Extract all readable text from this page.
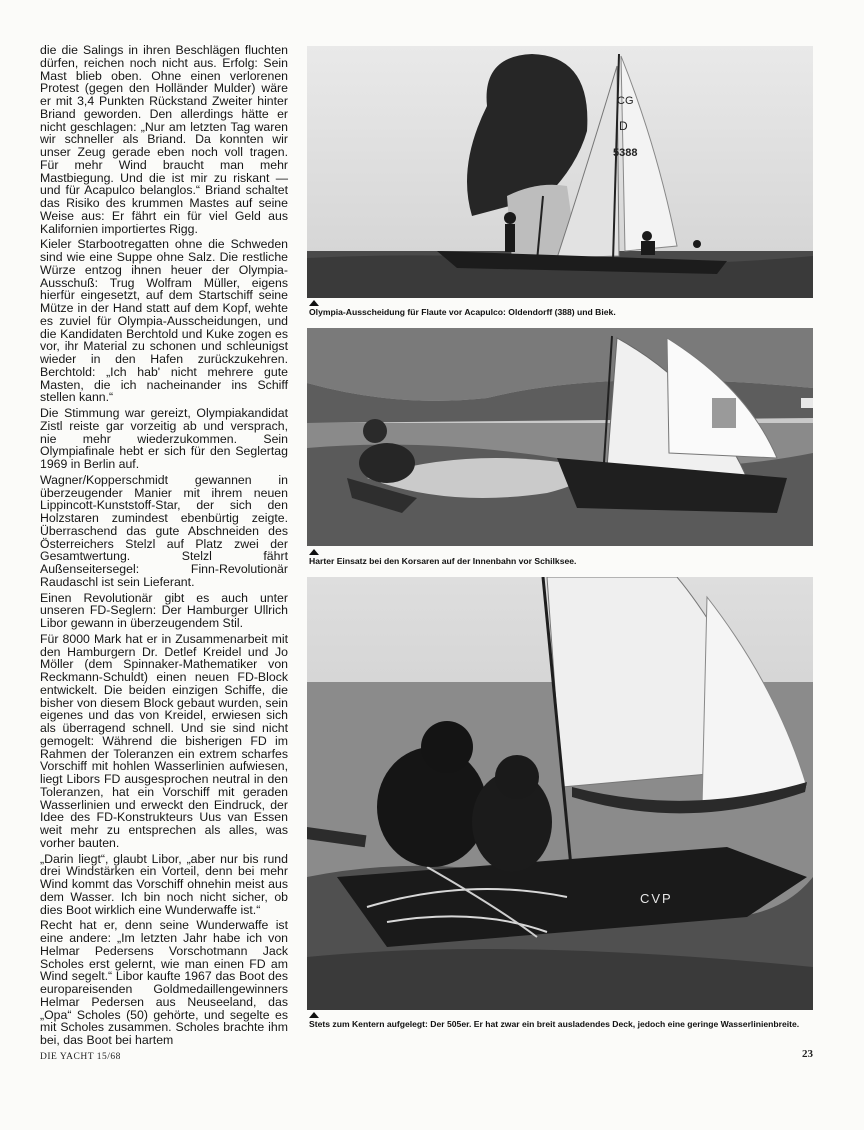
die die Salings in ihren Beschlägen fluchten dürfen, reichen noch nicht aus. Erfolg: Sein Mast blieb oben. Ohne einen verlorenen Protest (gegen den Holländer Mulder) wäre er mit 3,4 Punkten Rückstand Zweiter hinter Briand geworden. Den allerdings hätte er nicht geschlagen: „Nur am letzten Tag waren wir schneller als Briand. Da konnten wir unser Zeug gerade eben noch voll tragen. Für mehr Wind braucht man mehr Mastbiegung. Und die ist mir zu riskant — und für Acapulco belanglos.“ Briand schaltet das Risiko des krummen Mastes auf seine Weise aus: Er fährt ein für viel Geld aus Kalifornien importiertes Rigg.

Kieler Starbootregatten ohne die Schweden sind wie eine Suppe ohne Salz. Die restliche Würze entzog ihnen heuer der Olympia-Ausschuß: Trug Wolfram Müller, eigens hierfür eingesetzt, auf dem Startschiff seine Mütze in der Hand statt auf dem Kopf, wehte es zuviel für Olympia-Ausscheidungen, und die Kandidaten Berchtold und Kuke zogen es vor, ihr Material zu schonen und schleunigst wieder in den Hafen zurückzukehren. Berchtold: „Ich hab' nicht mehrere gute Masten, die ich nacheinander ins Schiff stellen kann.“

Die Stimmung war gereizt, Olympiakandidat Zistl reiste gar vorzeitig ab und versprach, nie mehr wiederzukommen. Sein Olympiafinale hebt er sich für den Seglertag 1969 in Berlin auf.

Wagner/Kopperschmidt gewannen in überzeugender Manier mit ihrem neuen Lippincott-Kunststoff-Star, der sich den Holzstaren zumindest ebenbürtig zeigte. Überraschend das gute Abschneiden des Österreichers Stelzl auf Platz zwei der Gesamtwertung. Stelzl fährt Außenseitersegel: Finn-Revolutionär Raudaschl ist sein Lieferant.

Einen Revolutionär gibt es auch unter unseren FD-Seglern: Der Hamburger Ullrich Libor gewann in überzeugendem Stil.

Für 8000 Mark hat er in Zusammenarbeit mit den Hamburgern Dr. Detlef Kreidel und Jo Möller (dem Spinnaker-Mathematiker von Reckmann-Schuldt) einen neuen FD-Block entwickelt. Die beiden einzigen Schiffe, die bisher von diesem Block gebaut wurden, sein eigenes und das von Kreidel, erwiesen sich als überragend schnell. Und sie sind nicht gemogelt: Während die bisherigen FD im Rahmen der Toleranzen ein extrem scharfes Vorschiff mit hohlen Wasserlinien aufwiesen, liegt Libors FD ausgesprochen neutral in den Toleranzen, hat ein Vorschiff mit geraden Wasserlinien und erweckt den Eindruck, der Idee des FD-Konstrukteurs Uus van Essen weit mehr zu entsprechen als alles, was vorher bauten.

„Darin liegt“, glaubt Libor, „aber nur bis rund drei Windstärken ein Vorteil, denn bei mehr Wind kommt das Vorschiff ohnehin meist aus dem Wasser. Ich bin noch nicht sicher, ob dies Boot wirklich eine Wunderwaffe ist.“

Recht hat er, denn seine Wunderwaffe ist eine andere: „Im letzten Jahr habe ich von Helmar Pedersens Vorschotmann Jack Scholes erst gelernt, wie man einen FD am Wind segelt.“ Libor kaufte 1967 das Boot des europareisenden Goldmedaillengewinners Helmar Pedersen aus Neuseeland, das „Opa“ Scholes (50) gehörte, und segelte es mit Scholes zusammen. Scholes brachte ihm bei, das Boot bei hartem

CG
D
5388
Olympia-Ausscheidung für Flaute vor Acapulco: Oldendorff (388) und Biek.
Harter Einsatz bei den Korsaren auf der Innenbahn vor Schilksee.
CVP
Stets zum Kentern aufgelegt: Der 505er. Er hat zwar ein breit ausladendes Deck, jedoch eine geringe Wasserlinienbreite.
DIE YACHT 15/68	23
